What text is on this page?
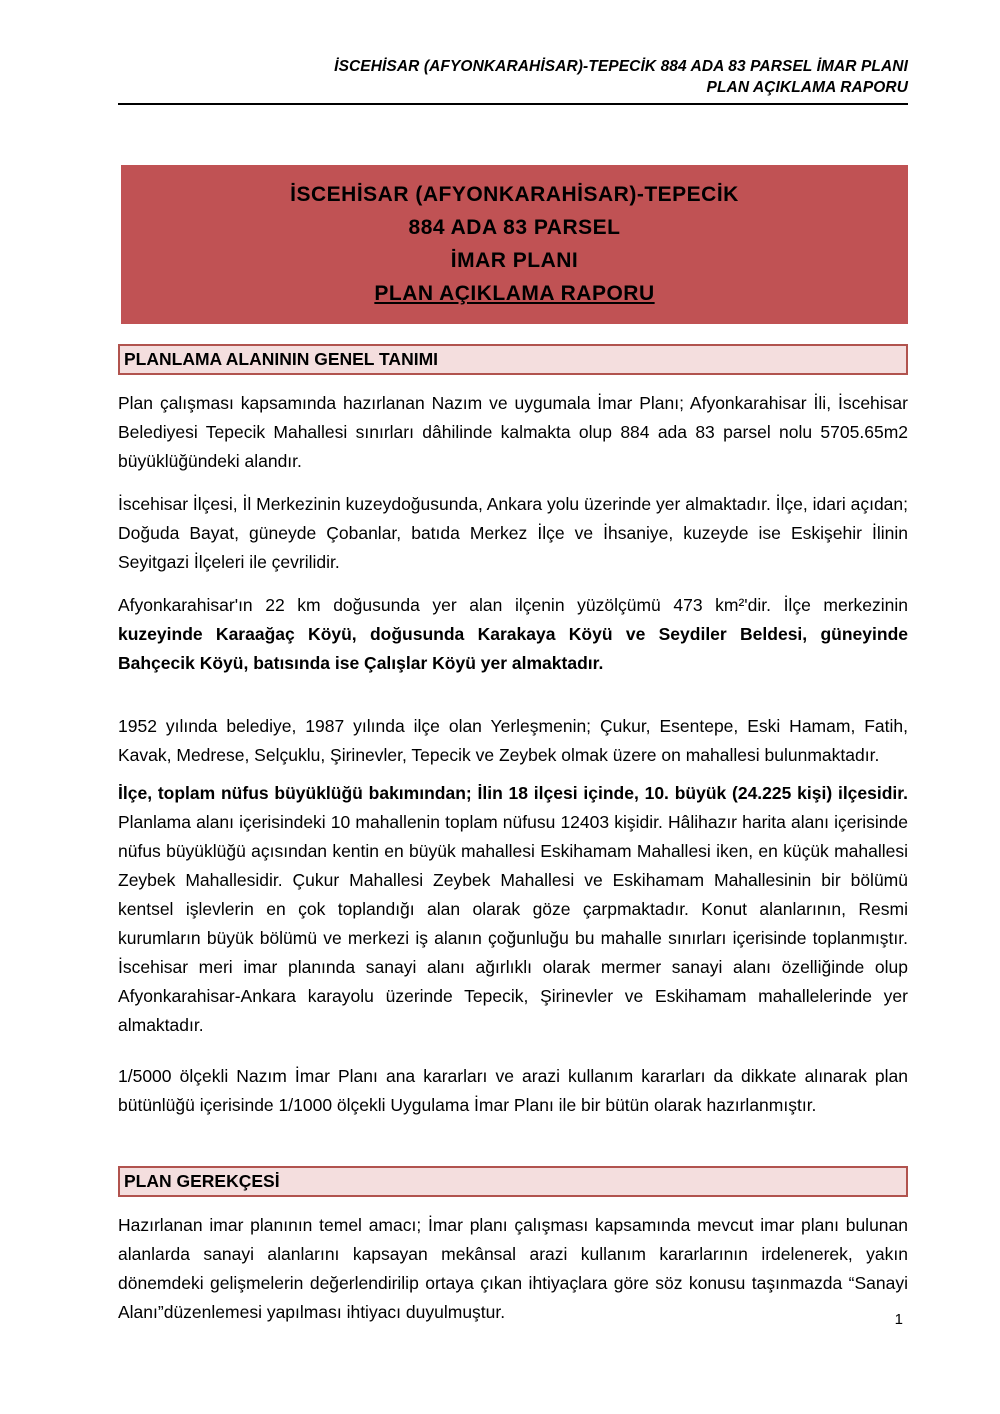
İSCEHİSAR (AFYONKARAHİSAR)-TEPECİK 884 ADA 83 PARSEL İMAR PLANI
PLAN AÇIKLAMA RAPORU
İSCEHİSAR (AFYONKARAHİSAR)-TEPECİK
884 ADA 83 PARSEL
İMAR PLANI
PLAN AÇIKLAMA RAPORU
PLANLAMA ALANININ GENEL TANIMI

Plan çalışması kapsamında hazırlanan Nazım ve uygumala İmar Planı; Afyonkarahisar İli, İscehisar Belediyesi Tepecik Mahallesi sınırları dâhilinde kalmakta olup 884 ada 83 parsel nolu 5705.65m2 büyüklüğündeki alandır.

İscehisar İlçesi, İl Merkezinin kuzeydoğusunda, Ankara yolu üzerinde yer almaktadır. İlçe, idari açıdan; Doğuda Bayat, güneyde Çobanlar, batıda Merkez İlçe ve İhsaniye, kuzeyde ise Eskişehir İlinin Seyitgazi İlçeleri ile çevrilidir.

Afyonkarahisar'ın 22 km doğusunda yer alan ilçenin yüzölçümü 473 km²'dir. İlçe merkezinin kuzeyinde Karaağaç Köyü, doğusunda Karakaya Köyü ve Seydiler Beldesi, güneyinde Bahçecik Köyü, batısında ise Çalışlar Köyü yer almaktadır.

1952 yılında belediye, 1987 yılında ilçe olan Yerleşmenin; Çukur, Esentepe, Eski Hamam, Fatih, Kavak, Medrese, Selçuklu, Şirinevler, Tepecik ve Zeybek olmak üzere on mahallesi bulunmaktadır.

İlçe, toplam nüfus büyüklüğü bakımından; İlin 18 ilçesi içinde, 10. büyük (24.225 kişi) ilçesidir. Planlama alanı içerisindeki 10 mahallenin toplam nüfusu 12403 kişidir. Hâlihazır harita alanı içerisinde nüfus büyüklüğü açısından kentin en büyük mahallesi Eskihamam Mahallesi iken, en küçük mahallesi Zeybek Mahallesidir. Çukur Mahallesi Zeybek Mahallesi ve Eskihamam Mahallesinin bir bölümü kentsel işlevlerin en çok toplandığı alan olarak göze çarpmaktadır. Konut alanlarının, Resmi kurumların büyük bölümü ve merkezi iş alanın çoğunluğu bu mahalle sınırları içerisinde toplanmıştır. İscehisar meri imar planında sanayi alanı ağırlıklı olarak mermer sanayi alanı özelliğinde olup Afyonkarahisar-Ankara karayolu üzerinde Tepecik, Şirinevler ve Eskihamam mahallelerinde yer almaktadır.

1/5000 ölçekli Nazım İmar Planı ana kararları ve arazi kullanım kararları da dikkate alınarak plan bütünlüğü içerisinde 1/1000 ölçekli Uygulama İmar Planı ile bir bütün olarak hazırlanmıştır.

PLAN GEREKÇESİ

Hazırlanan imar planının temel amacı; İmar planı çalışması kapsamında mevcut imar planı bulunan alanlarda sanayi alanlarını kapsayan mekânsal arazi kullanım kararlarının irdelenerek, yakın dönemdeki gelişmelerin değerlendirilip ortaya çıkan ihtiyaçlara göre söz konusu taşınmazda “Sanayi Alanı”düzenlemesi yapılması ihtiyacı duyulmuştur.	1
